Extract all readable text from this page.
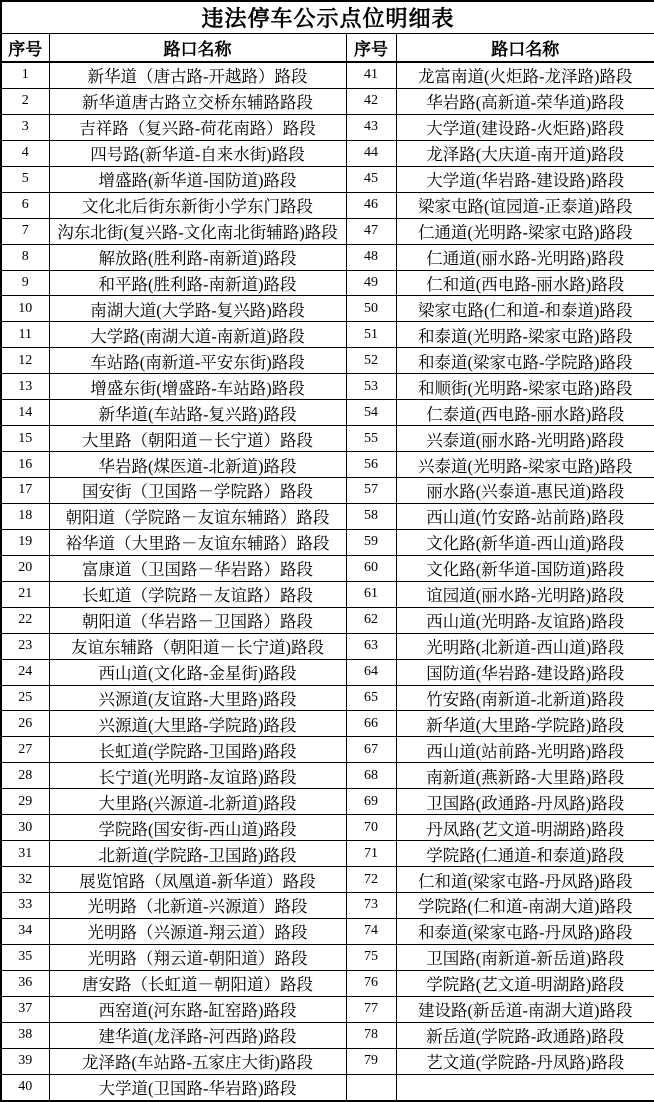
违法停车公示点位明细表			
序号	路口名称	序号	路口名称
1	新华道（唐古路-开越路）路段	41	龙富南道(火炬路-龙泽路)路段
2	新华道唐古路立交桥东辅路路段	42	华岩路(高新道-荣华道)路段
3	吉祥路（复兴路-荷花南路）路段	43	大学道(建设路-火炬路)路段
4	四号路(新华道-自来水街)路段	44	龙泽路(大庆道-南开道)路段
5	增盛路(新华道-国防道)路段	45	大学道(华岩路-建设路)路段
6	文化北后街东新街小学东门路段	46	梁家屯路(谊园道-正泰道)路段
7	沟东北街(复兴路-文化南北街辅路)路段	47	仁通道(光明路-梁家屯路)路段
8	解放路(胜利路-南新道)路段	48	仁通道(丽水路-光明路)路段
9	和平路(胜利路-南新道)路段	49	仁和道(西电路-丽水路)路段
10	南湖大道(大学路-复兴路)路段	50	梁家屯路(仁和道-和泰道)路段
11	大学路(南湖大道-南新道)路段	51	和泰道(光明路-梁家屯路)路段
12	车站路(南新道-平安东街)路段	52	和泰道(梁家屯路-学院路)路段
13	增盛东街(增盛路-车站路)路段	53	和顺街(光明路-梁家屯路)路段
14	新华道(车站路-复兴路)路段	54	仁泰道(西电路-丽水路)路段
15	大里路（朝阳道－长宁道）路段	55	兴泰道(丽水路-光明路)路段
16	华岩路(煤医道-北新道)路段	56	兴泰道(光明路-梁家屯路)路段
17	国安街（卫国路－学院路）路段	57	丽水路(兴泰道-惠民道)路段
18	朝阳道（学院路－友谊东辅路）路段	58	西山道(竹安路-站前路)路段
19	裕华道（大里路－友谊东辅路）路段	59	文化路(新华道-西山道)路段
20	富康道（卫国路－华岩路）路段	60	文化路(新华道-国防道)路段
21	长虹道（学院路－友谊路）路段	61	谊园道(丽水路-光明路)路段
22	朝阳道（华岩路－卫国路）路段	62	西山道(光明路-友谊路)路段
23	友谊东辅路（朝阳道－长宁道)路段	63	光明路(北新道-西山道)路段
24	西山道(文化路-金星街)路段	64	国防道(华岩路-建设路)路段
25	兴源道(友谊路-大里路)路段	65	竹安路(南新道-北新道)路段
26	兴源道(大里路-学院路)路段	66	新华道(大里路-学院路)路段
27	长虹道(学院路-卫国路)路段	67	西山道(站前路-光明路)路段
28	长宁道(光明路-友谊路)路段	68	南新道(燕新路-大里路)路段
29	大里路(兴源道-北新道)路段	69	卫国路(政通路-丹凤路)路段
30	学院路(国安街-西山道)路段	70	丹凤路(艺文道-明湖路)路段
31	北新道(学院路-卫国路)路段	71	学院路(仁通道-和泰道)路段
32	展览馆路（凤凰道-新华道）路段	72	仁和道(梁家屯路-丹凤路)路段
33	光明路（北新道-兴源道）路段	73	学院路(仁和道-南湖大道)路段
34	光明路（兴源道-翔云道）路段	74	和泰道(梁家屯路-丹凤路)路段
35	光明路（翔云道-朝阳道）路段	75	卫国路(南新道-新岳道)路段
36	唐安路（长虹道－朝阳道）路段	76	学院路(艺文道-明湖路)路段
37	西窑道(河东路-缸窑路)路段	77	建设路(新岳道-南湖大道)路段
38	建华道(龙泽路-河西路)路段	78	新岳道(学院路-政通路)路段
39	龙泽路(车站路-五家庄大街)路段	79	艺文道(学院路-丹凤路)路段
40	大学道(卫国路-华岩路)路段		
